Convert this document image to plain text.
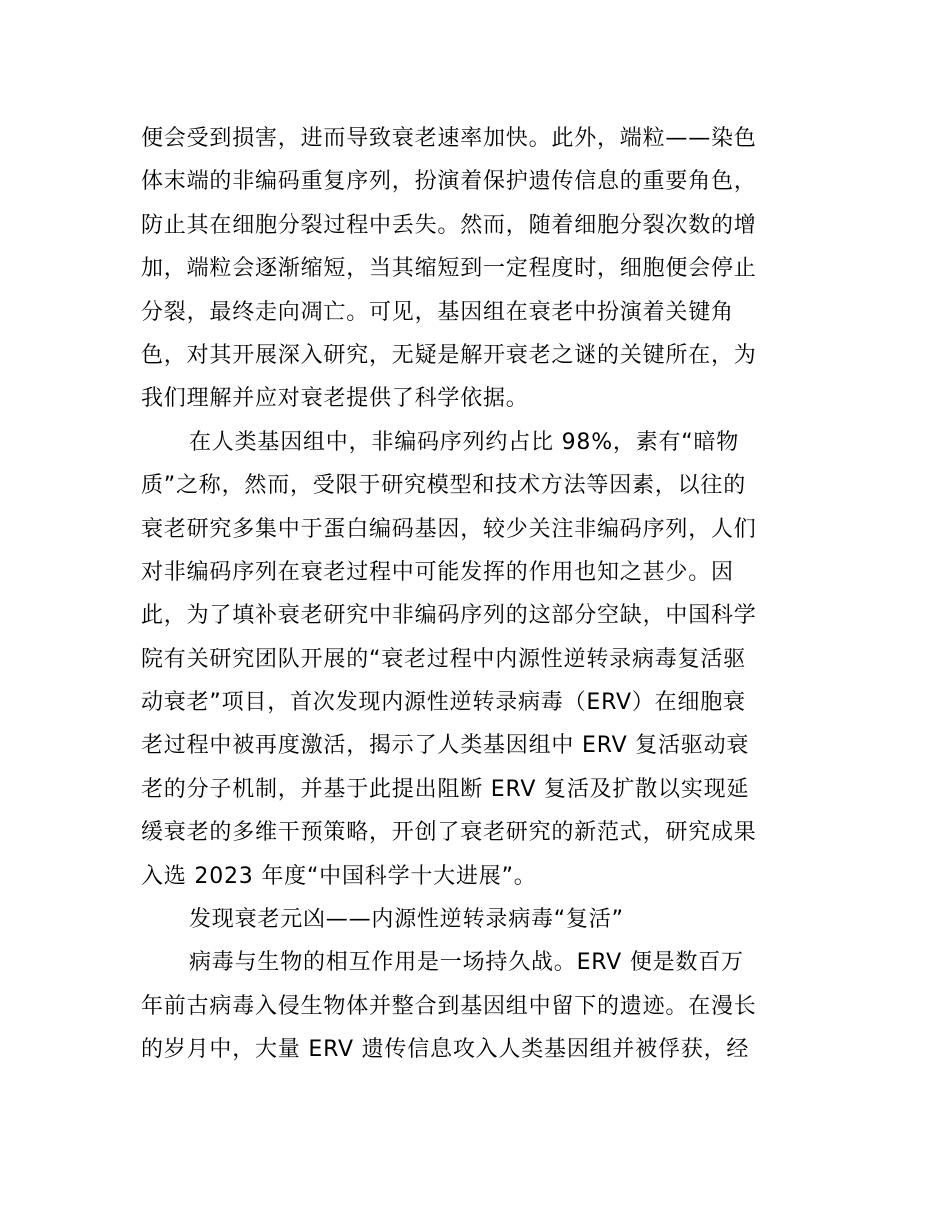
便会受到损害，进而导致衰老速率加快。此外，端粒——染色
体末端的非编码重复序列，扮演着保护遗传信息的重要角色，
防止其在细胞分裂过程中丢失。然而，随着细胞分裂次数的增
加，端粒会逐渐缩短，当其缩短到一定程度时，细胞便会停止
分裂，最终走向凋亡。可见，基因组在衰老中扮演着关键角
色，对其开展深入研究，无疑是解开衰老之谜的关键所在，为
我们理解并应对衰老提供了科学依据。
在人类基因组中，非编码序列约占比 98%，素有“暗物
质”之称，然而，受限于研究模型和技术方法等因素，以往的
衰老研究多集中于蛋白编码基因，较少关注非编码序列，人们
对非编码序列在衰老过程中可能发挥的作用也知之甚少。因
此，为了填补衰老研究中非编码序列的这部分空缺，中国科学
院有关研究团队开展的“衰老过程中内源性逆转录病毒复活驱
动衰老”项目，首次发现内源性逆转录病毒（ERV）在细胞衰
老过程中被再度激活，揭示了人类基因组中 ERV 复活驱动衰
老的分子机制，并基于此提出阻断 ERV 复活及扩散以实现延
缓衰老的多维干预策略，开创了衰老研究的新范式，研究成果
入选 2023 年度“中国科学十大进展”。
发现衰老元凶——内源性逆转录病毒“复活”
病毒与生物的相互作用是一场持久战。ERV 便是数百万
年前古病毒入侵生物体并整合到基因组中留下的遗迹。在漫长
的岁月中，大量 ERV 遗传信息攻入人类基因组并被俘获，经
